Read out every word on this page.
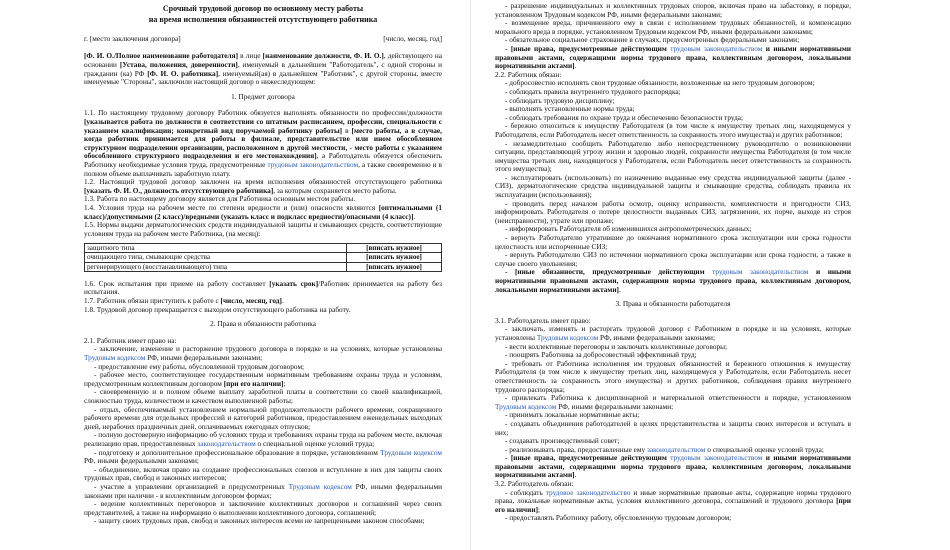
Срочный трудовой договор по основному месту работы

на время исполнения обязанностей отсутствующего работника

г. [место заключения договора]	[число, месяц, год]

[Ф. И. О./Полное наименование работодателя] в лице [наименование должности, Ф. И. О.], действующего на основании [Устава, положения, доверенности], именуемый в дальнейшем "Работодатель", с одной стороны и гражданин (ка) РФ [Ф. И. О. работника], именуемый(ая) в дальнейшем "Работник", с другой стороны, вместе именуемые "Стороны", заключили настоящий договор о нижеследующем:

1. Предмет договора

1.1. По настоящему трудовому договору Работник обязуется выполнять обязанности по профессии/должности [указывается работа по должности в соответствии со штатным расписанием, профессии, специальности с указанием квалификации; конкретный вид поручаемой работнику работы] в [место работы, а в случае, когда работник принимается для работы в филиале, представительстве или ином обособленном структурном подразделении организации, расположенном в другой местности, - место работы с указанием обособленного структурного подразделения и его местонахождения], а Работодатель обязуется обеспечить Работнику необходимые условия труда, предусмотренные трудовым законодательством, а также своевременно и в полном объеме выплачивать заработную плату.

1.2. Настоящий трудовой договор заключен на время исполнения обязанностей отсутствующего работника [указать Ф. И. О., должность отсутствующего работника], за которым сохраняется место работы.

1.3. Работа по настоящему договору является для Работника основным местом работы.

1.4. Условия труда на рабочем месте по степени вредности и (или) опасности являются [оптимальными (1 класс)/допустимыми (2 класс)/вредными (указать класс и подкласс вредности)/опасными (4 класс)].

1.5. Нормы выдачи дерматологических средств индивидуальной защиты и смывающих средств, соответствующие условиям труда на рабочем месте Работника, (на месяц):

защитного типа	[вписать нужное]
очищающего типа, смывающие средства	[вписать нужное]
регенерирующего (восстанавливающего) типа	[вписать нужное]

1.6. Срок испытания при приеме на работу составляет [указать срок]/Работник принимается на работу без испытания.

1.7. Работник обязан приступить к работе с [число, месяц, год].

1.8. Трудовой договор прекращается с выходом отсутствующего работника на работу.

2. Права и обязанности работника

2.1. Работник имеет право на:

- заключение, изменение и расторжение трудового договора в порядке и на условиях, которые установлены Трудовым кодексом РФ, иными федеральными законами;

- предоставление ему работы, обусловленной трудовым договором;

- рабочее место, соответствующее государственным нормативным требованиям охраны труда и условиям, предусмотренным коллективным договором [при его наличии];

- своевременную и в полном объеме выплату заработной платы в соответствии со своей квалификацией, сложностью труда, количеством и качеством выполненной работы;

- отдых, обеспечиваемый установлением нормальной продолжительности рабочего времени, сокращенного рабочего времени для отдельных профессий и категорий работников, предоставлением еженедельных выходных дней, нерабочих праздничных дней, оплачиваемых ежегодных отпусков;

- полную достоверную информацию об условиях труда и требованиях охраны труда на рабочем месте, включая реализацию прав, предоставленных законодательством о специальной оценке условий труда;

- подготовку и дополнительное профессиональное образование в порядке, установленном Трудовым кодексом РФ, иными федеральными законами;

- объединение, включая право на создание профессиональных союзов и вступление в них для защиты своих трудовых прав, свобод и законных интересов;

- участие в управлении организацией в предусмотренных Трудовым кодексом РФ, иными федеральными законами при наличии - в коллективным договором формах;

- ведение коллективных переговоров и заключение коллективных договоров и соглашений через своих представителей, а также на информацию о выполнении коллективного договора, соглашений;

- защиту своих трудовых прав, свобод и законных интересов всеми не запрещенными законом способами;

- разрешение индивидуальных и коллективных трудовых споров, включая право на забастовку, в порядке, установленном Трудовым кодексом РФ, иными федеральными законами;

- возмещение вреда, причиненного ему в связи с исполнением трудовых обязанностей, и компенсацию морального вреда в порядке, установленном Трудовым кодексом РФ, иными федеральными законами;

- обязательное социальное страхование в случаях, предусмотренных федеральными законами;

- [иные права, предусмотренные действующим трудовым законодательством и иными нормативными правовыми актами, содержащими нормы трудового права, коллективным договором, локальными нормативными актами].

2.2. Работник обязан:

- добросовестно исполнять свои трудовые обязанности, возложенные на него трудовым договором;

- соблюдать правила внутреннего трудового распорядка;

- соблюдать трудовую дисциплину;

- выполнять установленные нормы труда;

- соблюдать требования по охране труда и обеспечению безопасности труда;

- бережно относиться к имуществу Работодателя (в том числе к имуществу третьих лиц, находящемуся у Работодателя, если Работодатель несет ответственность за сохранность этого имущества) и других работников;

- незамедлительно сообщить Работодателю либо непосредственному руководителю о возникновении ситуации, представляющей угрозу жизни и здоровью людей, сохранности имущества Работодателя (в том числе имущества третьих лиц, находящегося у Работодателя, если Работодатель несет ответственность за сохранность этого имущества);

- эксплуатировать (использовать) по назначению выданные ему средства индивидуальной защиты (далее - СИЗ), дерматологические средства индивидуальной защиты и смывающие средства, соблюдать правила их эксплуатации (использования);

- проводить перед началом работы осмотр, оценку исправности, комплектности и пригодности СИЗ, информировать Работодателя о потере целостности выданных СИЗ, загрязнении, их порче, выходе из строя (неисправности), утрате или пропаже;

- информировать Работодателя об изменившихся антропометрических данных;

- вернуть Работодателю утратившие до окончания нормативного срока эксплуатации или срока годности целостность или испорченные СИЗ;

- вернуть Работодателю СИЗ по истечении нормативного срока эксплуатации или срока годности, а также в случае своего увольнения;

- [иные обязанности, предусмотренные действующим трудовым законодательством и иными нормативными правовыми актами, содержащими нормы трудового права, коллективным договором, локальными нормативными актами].

3. Права и обязанности работодателя

3.1. Работодатель имеет право:

- заключать, изменять и расторгать трудовой договор с Работником в порядке и на условиях, которые установлены Трудовым кодексом РФ, иными федеральными законами;

- вести коллективные переговоры и заключать коллективные договоры;

- поощрять Работника за добросовестный эффективный труд;

- требовать от Работника исполнения им трудовых обязанностей и бережного отношения к имуществу Работодателя (в том числе к имуществу третьих лиц, находящемуся у Работодателя, если Работодатель несет ответственность за сохранность этого имущества) и других работников, соблюдения правил внутреннего трудового распорядка;

- привлекать Работника к дисциплинарной и материальной ответственности в порядке, установленном Трудовым кодексом РФ, иными федеральными законами;

- принимать локальные нормативные акты;

- создавать объединения работодателей в целях представительства и защиты своих интересов и вступать в них;

- создавать производственный совет;

- реализовывать права, предоставленные ему законодательством о специальной оценке условий труда;

- [иные права, предусмотренные действующим трудовым законодательством и иными нормативными правовыми актами, содержащими нормы трудового права, коллективным договором, локальными нормативными актами].

3.2. Работодатель обязан:

- соблюдать трудовое законодательство и иные нормативные правовые акты, содержащие нормы трудового права, локальные нормативные акты, условия коллективного договора, соглашений и трудового договора [при его наличии];

- предоставлять Работнику работу, обусловленную трудовым договором;
